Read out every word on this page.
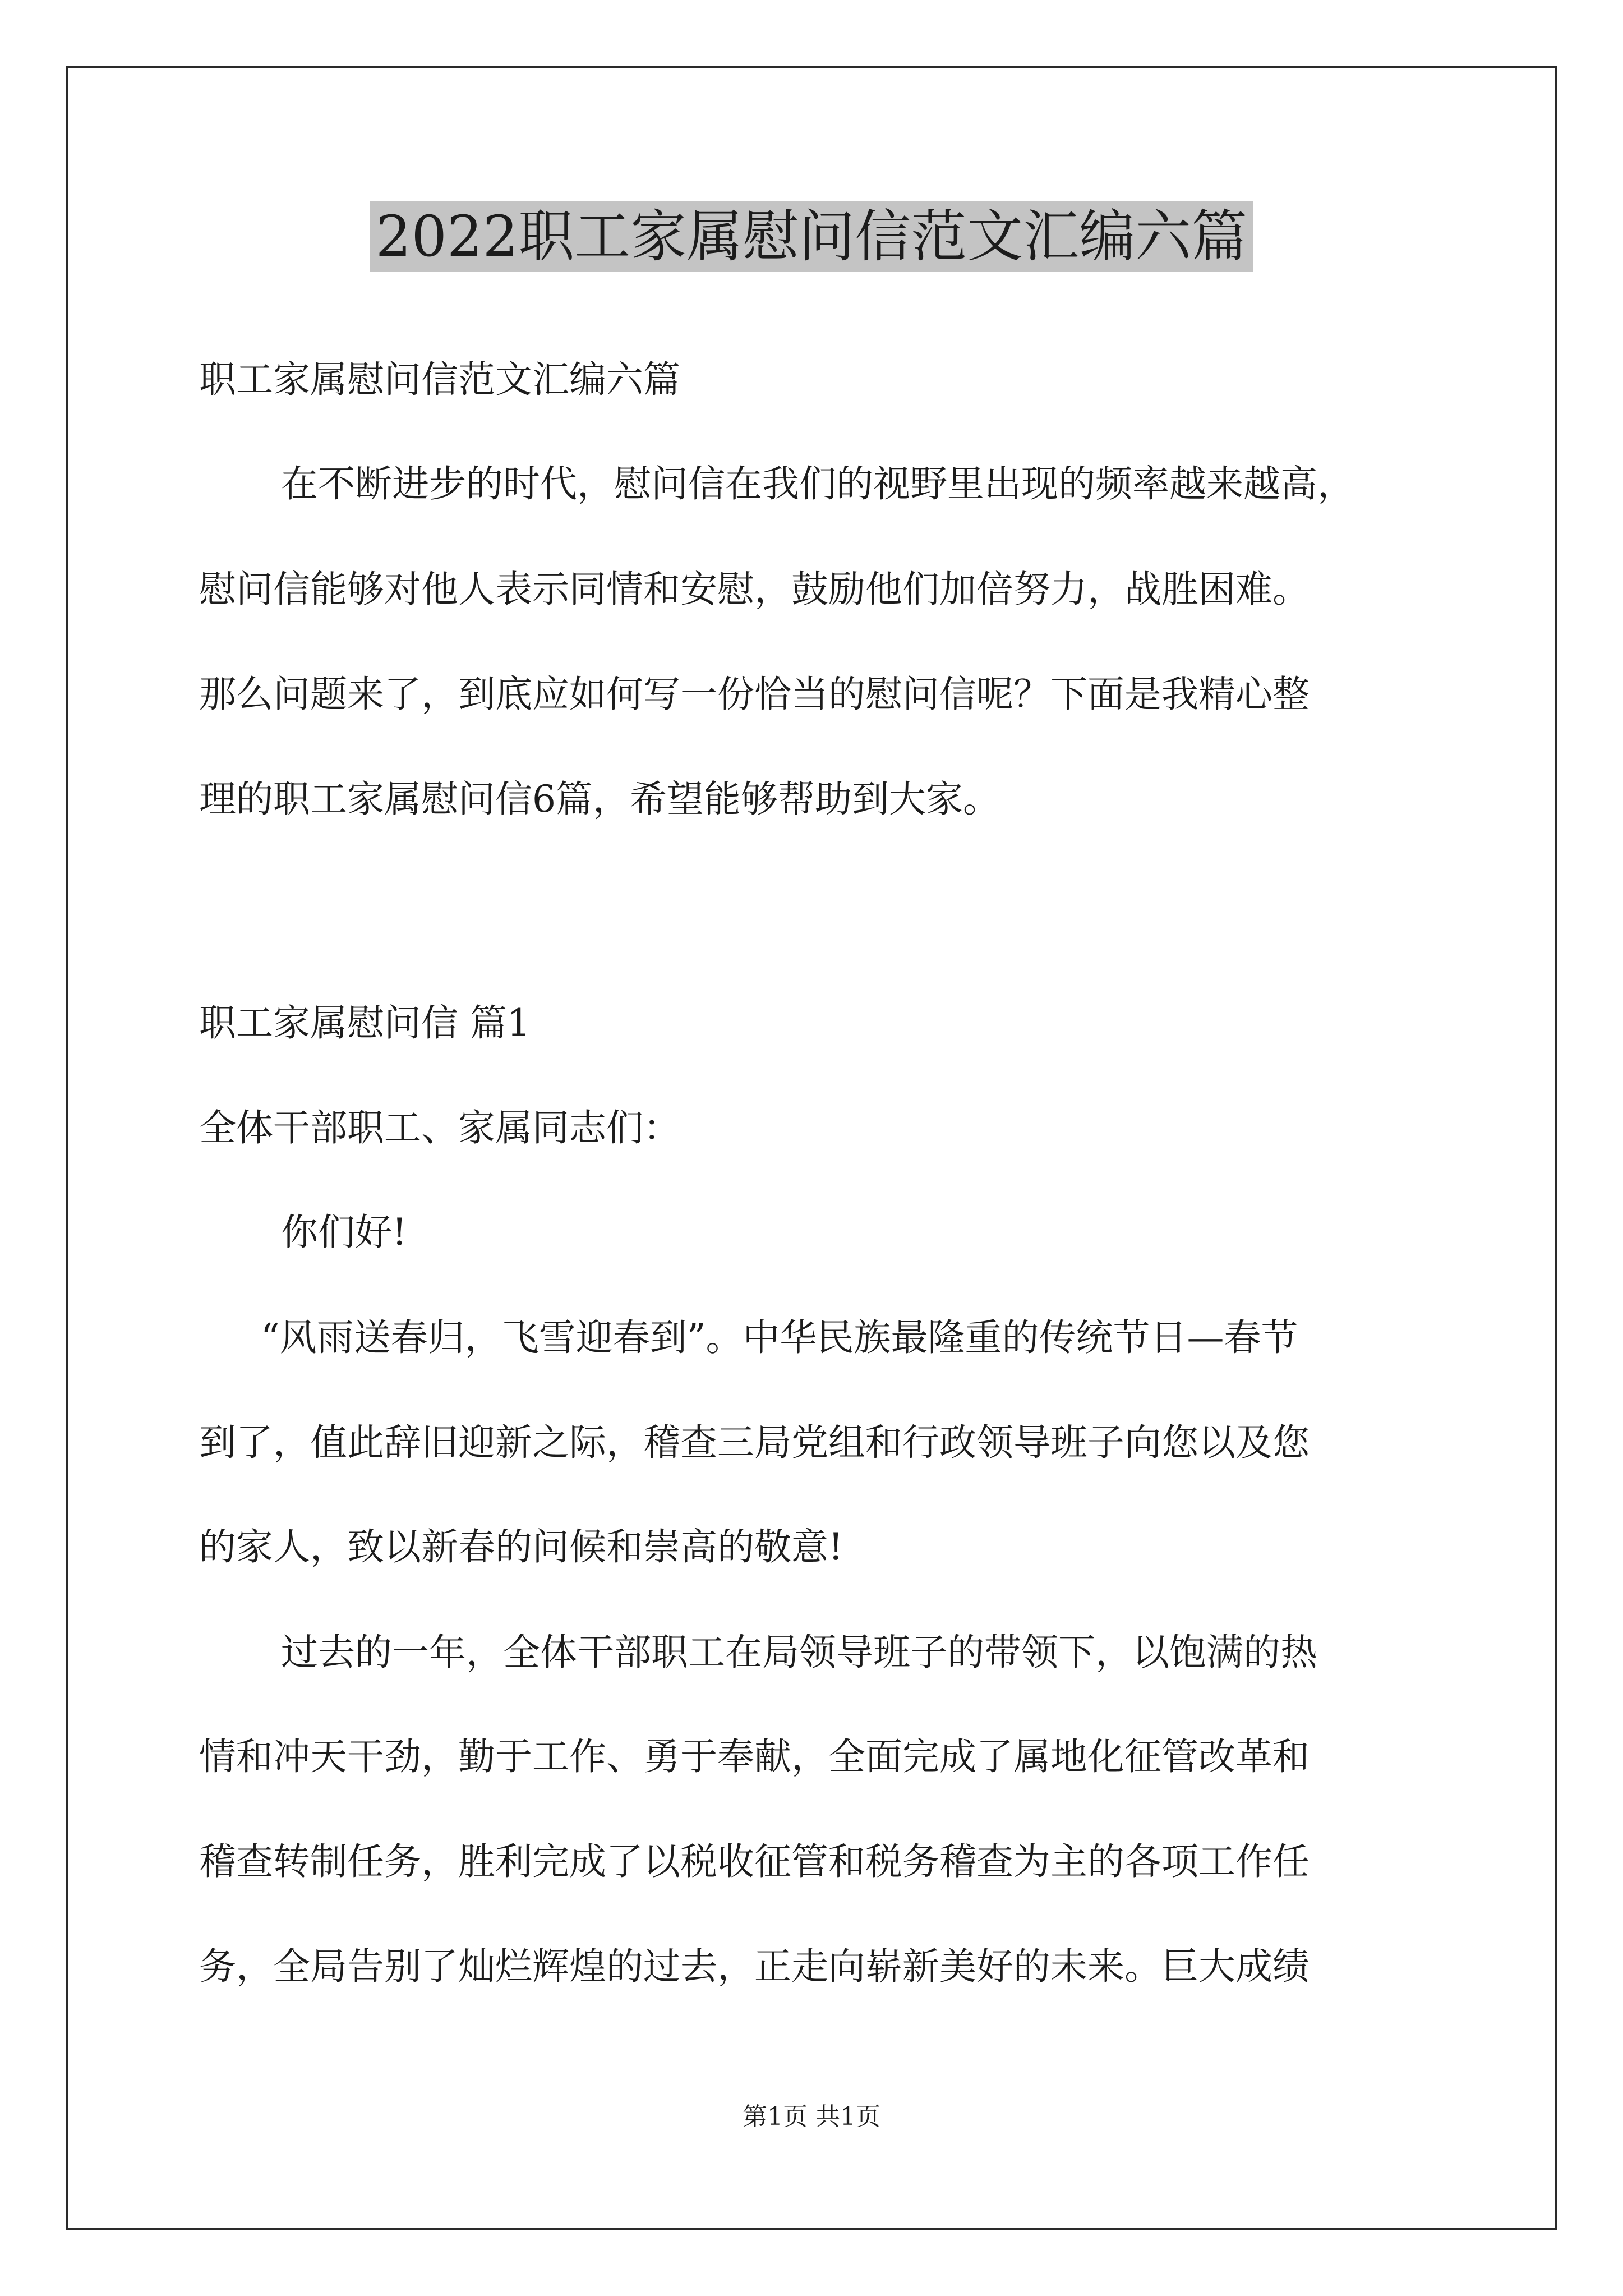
2022职工家属慰问信范文汇编六篇

职工家属慰问信范文汇编六篇

在不断进步的时代，慰问信在我们的视野里出现的频率越来越高，

慰问信能够对他人表示同情和安慰，鼓励他们加倍努力，战胜困难。

那么问题来了，到底应如何写一份恰当的慰问信呢？下面是我精心整

理的职工家属慰问信6篇，希望能够帮助到大家。

职工家属慰问信 篇1

全体干部职工、家属同志们：

你们好!

“风雨送春归，飞雪迎春到”。中华民族最隆重的传统节日—春节

到了，值此辞旧迎新之际，稽查三局党组和行政领导班子向您以及您

的家人，致以新春的问候和崇高的敬意!

过去的一年，全体干部职工在局领导班子的带领下，以饱满的热

情和冲天干劲，勤于工作、勇于奉献，全面完成了属地化征管改革和

稽查转制任务，胜利完成了以税收征管和税务稽查为主的各项工作任

务，全局告别了灿烂辉煌的过去，正走向崭新美好的未来。巨大成绩

第1页 共1页
